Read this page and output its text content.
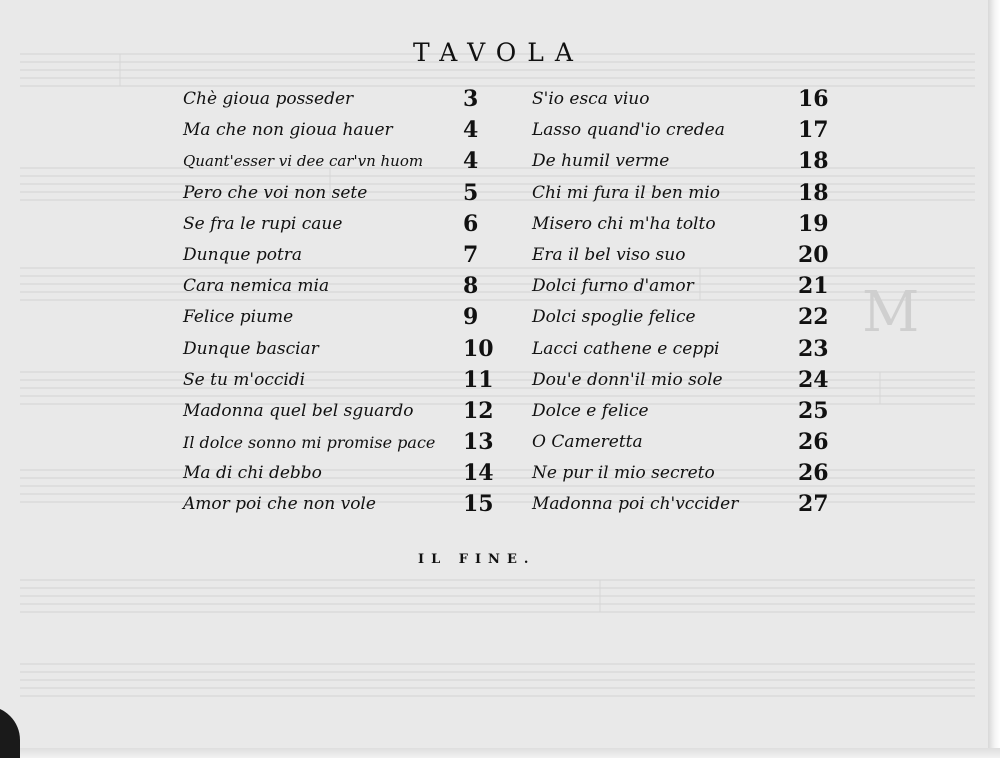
M
TAVOLA
Chè gioua posseder	3
Ma che non gioua hauer	4
Quant'esser vi dee car'vn huom 4
Pero che voi non sete	5
Se fra le rupi caue	6
Dunque potra	7
Cara nemica mia	8
Felice piume	9
Dunque basciar	10
Se tu m'occidi	11
Madonna quel bel sguardo 12
Il dolce sonno mi promise pace 13
Ma di chi debbo	14
Amor poi che non vole	15
S'io esca viuo	16
Lasso quand'io credea	17
De humil verme	18
Chi mi fura il ben mio	18
Misero chi m'ha tolto	19
Era il bel viso suo	20
Dolci furno d'amor	21
Dolci spoglie felice	22
Lacci cathene e ceppi	23
Dou'e donn'il mio sole	24
Dolce e felice	25
O Cameretta	26
Ne pur il mio secreto	26
Madonna poi ch'vccider	27

IL FINE.
